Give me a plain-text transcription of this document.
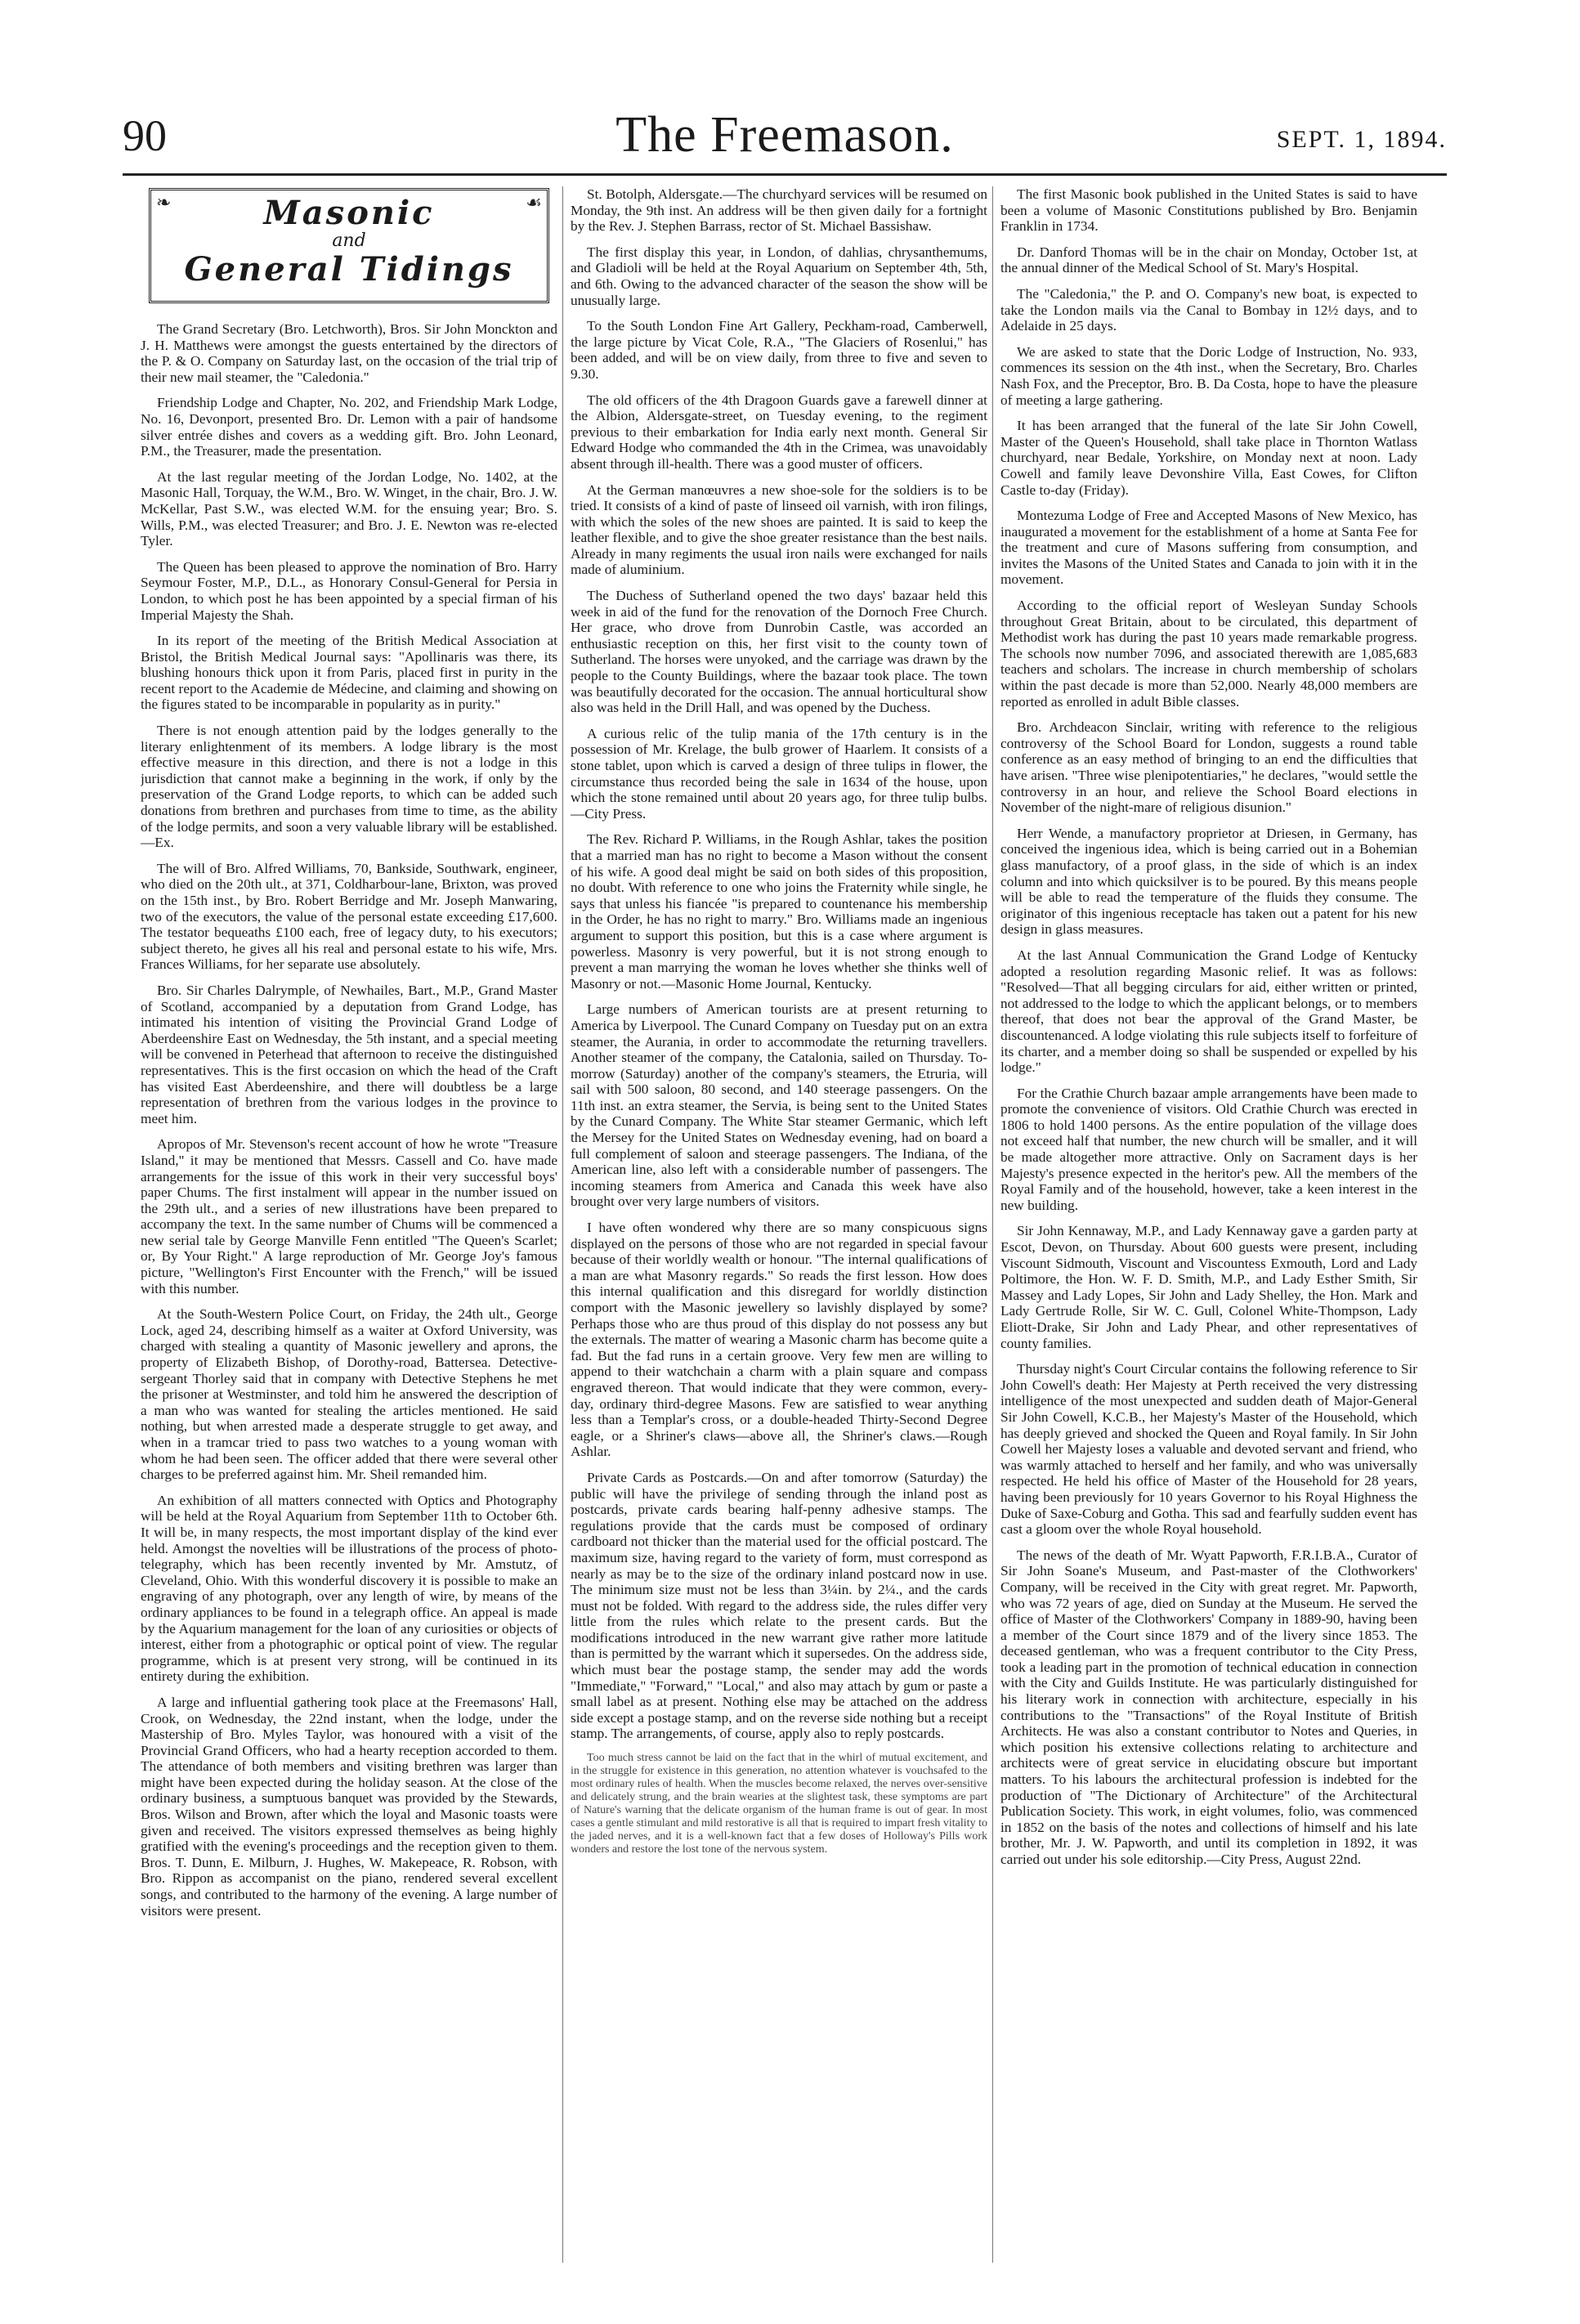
90	The Freemason.	SEPT. 1, 1894.
❧	☙
Masonic
and
General Tidings

The Grand Secretary (Bro. Letchworth), Bros. Sir John Monckton and J. H. Matthews were amongst the guests entertained by the directors of the P. & O. Company on Saturday last, on the occasion of the trial trip of their new mail steamer, the "Caledonia."

Friendship Lodge and Chapter, No. 202, and Friendship Mark Lodge, No. 16, Devonport, presented Bro. Dr. Lemon with a pair of handsome silver entrée dishes and covers as a wedding gift. Bro. John Leonard, P.M., the Treasurer, made the presentation.

At the last regular meeting of the Jordan Lodge, No. 1402, at the Masonic Hall, Torquay, the W.M., Bro. W. Winget, in the chair, Bro. J. W. McKellar, Past S.W., was elected W.M. for the ensuing year; Bro. S. Wills, P.M., was elected Treasurer; and Bro. J. E. Newton was re-elected Tyler.

The Queen has been pleased to approve the nomination of Bro. Harry Seymour Foster, M.P., D.L., as Honorary Consul-General for Persia in London, to which post he has been appointed by a special firman of his Imperial Majesty the Shah.

In its report of the meeting of the British Medical Association at Bristol, the British Medical Journal says: "Apollinaris was there, its blushing honours thick upon it from Paris, placed first in purity in the recent report to the Academie de Médecine, and claiming and showing on the figures stated to be incomparable in popularity as in purity."

There is not enough attention paid by the lodges generally to the literary enlightenment of its members. A lodge library is the most effective measure in this direction, and there is not a lodge in this jurisdiction that cannot make a beginning in the work, if only by the preservation of the Grand Lodge reports, to which can be added such donations from brethren and purchases from time to time, as the ability of the lodge permits, and soon a very valuable library will be established.—Ex.

The will of Bro. Alfred Williams, 70, Bankside, Southwark, engineer, who died on the 20th ult., at 371, Coldharbour-lane, Brixton, was proved on the 15th inst., by Bro. Robert Berridge and Mr. Joseph Manwaring, two of the executors, the value of the personal estate exceeding £17,600. The testator bequeaths £100 each, free of legacy duty, to his executors; subject thereto, he gives all his real and personal estate to his wife, Mrs. Frances Williams, for her separate use absolutely.

Bro. Sir Charles Dalrymple, of Newhailes, Bart., M.P., Grand Master of Scotland, accompanied by a deputation from Grand Lodge, has intimated his intention of visiting the Provincial Grand Lodge of Aberdeenshire East on Wednesday, the 5th instant, and a special meeting will be convened in Peterhead that afternoon to receive the distinguished representatives. This is the first occasion on which the head of the Craft has visited East Aberdeenshire, and there will doubtless be a large representation of brethren from the various lodges in the province to meet him.

Apropos of Mr. Stevenson's recent account of how he wrote "Treasure Island," it may be mentioned that Messrs. Cassell and Co. have made arrangements for the issue of this work in their very successful boys' paper Chums. The first instalment will appear in the number issued on the 29th ult., and a series of new illustrations have been prepared to accompany the text. In the same number of Chums will be commenced a new serial tale by George Manville Fenn entitled "The Queen's Scarlet; or, By Your Right." A large reproduction of Mr. George Joy's famous picture, "Wellington's First Encounter with the French," will be issued with this number.

At the South-Western Police Court, on Friday, the 24th ult., George Lock, aged 24, describing himself as a waiter at Oxford University, was charged with stealing a quantity of Masonic jewellery and aprons, the property of Elizabeth Bishop, of Dorothy-road, Battersea. Detective-sergeant Thorley said that in company with Detective Stephens he met the prisoner at Westminster, and told him he answered the description of a man who was wanted for stealing the articles mentioned. He said nothing, but when arrested made a desperate struggle to get away, and when in a tramcar tried to pass two watches to a young woman with whom he had been seen. The officer added that there were several other charges to be preferred against him. Mr. Sheil remanded him.

An exhibition of all matters connected with Optics and Photography will be held at the Royal Aquarium from September 11th to October 6th. It will be, in many respects, the most important display of the kind ever held. Amongst the novelties will be illustrations of the process of photo-telegraphy, which has been recently invented by Mr. Amstutz, of Cleveland, Ohio. With this wonderful discovery it is possible to make an engraving of any photograph, over any length of wire, by means of the ordinary appliances to be found in a telegraph office. An appeal is made by the Aquarium management for the loan of any curiosities or objects of interest, either from a photographic or optical point of view. The regular programme, which is at present very strong, will be continued in its entirety during the exhibition.

A large and influential gathering took place at the Freemasons' Hall, Crook, on Wednesday, the 22nd instant, when the lodge, under the Mastership of Bro. Myles Taylor, was honoured with a visit of the Provincial Grand Officers, who had a hearty reception accorded to them. The attendance of both members and visiting brethren was larger than might have been expected during the holiday season. At the close of the ordinary business, a sumptuous banquet was provided by the Stewards, Bros. Wilson and Brown, after which the loyal and Masonic toasts were given and received. The visitors expressed themselves as being highly gratified with the evening's proceedings and the reception given to them. Bros. T. Dunn, E. Milburn, J. Hughes, W. Makepeace, R. Robson, with Bro. Rippon as accompanist on the piano, rendered several excellent songs, and contributed to the harmony of the evening. A large number of visitors were present.

St. Botolph, Aldersgate.—The churchyard services will be resumed on Monday, the 9th inst. An address will be then given daily for a fortnight by the Rev. J. Stephen Barrass, rector of St. Michael Bassishaw.

The first display this year, in London, of dahlias, chrysanthemums, and Gladioli will be held at the Royal Aquarium on September 4th, 5th, and 6th. Owing to the advanced character of the season the show will be unusually large.

To the South London Fine Art Gallery, Peckham-road, Camberwell, the large picture by Vicat Cole, R.A., "The Glaciers of Rosenlui," has been added, and will be on view daily, from three to five and seven to 9.30.

The old officers of the 4th Dragoon Guards gave a farewell dinner at the Albion, Aldersgate-street, on Tuesday evening, to the regiment previous to their embarkation for India early next month. General Sir Edward Hodge who commanded the 4th in the Crimea, was unavoidably absent through ill-health. There was a good muster of officers.

At the German manœuvres a new shoe-sole for the soldiers is to be tried. It consists of a kind of paste of linseed oil varnish, with iron filings, with which the soles of the new shoes are painted. It is said to keep the leather flexible, and to give the shoe greater resistance than the best nails. Already in many regiments the usual iron nails were exchanged for nails made of aluminium.

The Duchess of Sutherland opened the two days' bazaar held this week in aid of the fund for the renovation of the Dornoch Free Church. Her grace, who drove from Dunrobin Castle, was accorded an enthusiastic reception on this, her first visit to the county town of Sutherland. The horses were unyoked, and the carriage was drawn by the people to the County Buildings, where the bazaar took place. The town was beautifully decorated for the occasion. The annual horticultural show also was held in the Drill Hall, and was opened by the Duchess.

A curious relic of the tulip mania of the 17th century is in the possession of Mr. Krelage, the bulb grower of Haarlem. It consists of a stone tablet, upon which is carved a design of three tulips in flower, the circumstance thus recorded being the sale in 1634 of the house, upon which the stone remained until about 20 years ago, for three tulip bulbs.—City Press.

The Rev. Richard P. Williams, in the Rough Ashlar, takes the position that a married man has no right to become a Mason without the consent of his wife. A good deal might be said on both sides of this proposition, no doubt. With reference to one who joins the Fraternity while single, he says that unless his fiancée "is prepared to countenance his membership in the Order, he has no right to marry." Bro. Williams made an ingenious argument to support this position, but this is a case where argument is powerless. Masonry is very powerful, but it is not strong enough to prevent a man marrying the woman he loves whether she thinks well of Masonry or not.—Masonic Home Journal, Kentucky.

Large numbers of American tourists are at present returning to America by Liverpool. The Cunard Company on Tuesday put on an extra steamer, the Aurania, in order to accommodate the returning travellers. Another steamer of the company, the Catalonia, sailed on Thursday. To-morrow (Saturday) another of the company's steamers, the Etruria, will sail with 500 saloon, 80 second, and 140 steerage passengers. On the 11th inst. an extra steamer, the Servia, is being sent to the United States by the Cunard Company. The White Star steamer Germanic, which left the Mersey for the United States on Wednesday evening, had on board a full complement of saloon and steerage passengers. The Indiana, of the American line, also left with a considerable number of passengers. The incoming steamers from America and Canada this week have also brought over very large numbers of visitors.

I have often wondered why there are so many conspicuous signs displayed on the persons of those who are not regarded in special favour because of their worldly wealth or honour. "The internal qualifications of a man are what Masonry regards." So reads the first lesson. How does this internal qualification and this disregard for worldly distinction comport with the Masonic jewellery so lavishly displayed by some? Perhaps those who are thus proud of this display do not possess any but the externals. The matter of wearing a Masonic charm has become quite a fad. But the fad runs in a certain groove. Very few men are willing to append to their watchchain a charm with a plain square and compass engraved thereon. That would indicate that they were common, every-day, ordinary third-degree Masons. Few are satisfied to wear anything less than a Templar's cross, or a double-headed Thirty-Second Degree eagle, or a Shriner's claws—above all, the Shriner's claws.—Rough Ashlar.

Private Cards as Postcards.—On and after tomorrow (Saturday) the public will have the privilege of sending through the inland post as postcards, private cards bearing half-penny adhesive stamps. The regulations provide that the cards must be composed of ordinary cardboard not thicker than the material used for the official postcard. The maximum size, having regard to the variety of form, must correspond as nearly as may be to the size of the ordinary inland postcard now in use. The minimum size must not be less than 3¼in. by 2¼., and the cards must not be folded. With regard to the address side, the rules differ very little from the rules which relate to the present cards. But the modifications introduced in the new warrant give rather more latitude than is permitted by the warrant which it supersedes. On the address side, which must bear the postage stamp, the sender may add the words "Immediate," "Forward," "Local," and also may attach by gum or paste a small label as at present. Nothing else may be attached on the address side except a postage stamp, and on the reverse side nothing but a receipt stamp. The arrangements, of course, apply also to reply postcards.

Too much stress cannot be laid on the fact that in the whirl of mutual excitement, and in the struggle for existence in this generation, no attention whatever is vouchsafed to the most ordinary rules of health. When the muscles become relaxed, the nerves over-sensitive and delicately strung, and the brain wearies at the slightest task, these symptoms are part of Nature's warning that the delicate organism of the human frame is out of gear. In most cases a gentle stimulant and mild restorative is all that is required to impart fresh vitality to the jaded nerves, and it is a well-known fact that a few doses of Holloway's Pills work wonders and restore the lost tone of the nervous system.

The first Masonic book published in the United States is said to have been a volume of Masonic Constitutions published by Bro. Benjamin Franklin in 1734.

Dr. Danford Thomas will be in the chair on Monday, October 1st, at the annual dinner of the Medical School of St. Mary's Hospital.

The "Caledonia," the P. and O. Company's new boat, is expected to take the London mails via the Canal to Bombay in 12½ days, and to Adelaide in 25 days.

We are asked to state that the Doric Lodge of Instruction, No. 933, commences its session on the 4th inst., when the Secretary, Bro. Charles Nash Fox, and the Preceptor, Bro. B. Da Costa, hope to have the pleasure of meeting a large gathering.

It has been arranged that the funeral of the late Sir John Cowell, Master of the Queen's Household, shall take place in Thornton Watlass churchyard, near Bedale, Yorkshire, on Monday next at noon. Lady Cowell and family leave Devonshire Villa, East Cowes, for Clifton Castle to-day (Friday).

Montezuma Lodge of Free and Accepted Masons of New Mexico, has inaugurated a movement for the establishment of a home at Santa Fee for the treatment and cure of Masons suffering from consumption, and invites the Masons of the United States and Canada to join with it in the movement.

According to the official report of Wesleyan Sunday Schools throughout Great Britain, about to be circulated, this department of Methodist work has during the past 10 years made remarkable progress. The schools now number 7096, and associated therewith are 1,085,683 teachers and scholars. The increase in church membership of scholars within the past decade is more than 52,000. Nearly 48,000 members are reported as enrolled in adult Bible classes.

Bro. Archdeacon Sinclair, writing with reference to the religious controversy of the School Board for London, suggests a round table conference as an easy method of bringing to an end the difficulties that have arisen. "Three wise plenipotentiaries," he declares, "would settle the controversy in an hour, and relieve the School Board elections in November of the night-mare of religious disunion."

Herr Wende, a manufactory proprietor at Driesen, in Germany, has conceived the ingenious idea, which is being carried out in a Bohemian glass manufactory, of a proof glass, in the side of which is an index column and into which quicksilver is to be poured. By this means people will be able to read the temperature of the fluids they consume. The originator of this ingenious receptacle has taken out a patent for his new design in glass measures.

At the last Annual Communication the Grand Lodge of Kentucky adopted a resolution regarding Masonic relief. It was as follows: "Resolved—That all begging circulars for aid, either written or printed, not addressed to the lodge to which the applicant belongs, or to members thereof, that does not bear the approval of the Grand Master, be discountenanced. A lodge violating this rule subjects itself to forfeiture of its charter, and a member doing so shall be suspended or expelled by his lodge."

For the Crathie Church bazaar ample arrangements have been made to promote the convenience of visitors. Old Crathie Church was erected in 1806 to hold 1400 persons. As the entire population of the village does not exceed half that number, the new church will be smaller, and it will be made altogether more attractive. Only on Sacrament days is her Majesty's presence expected in the heritor's pew. All the members of the Royal Family and of the household, however, take a keen interest in the new building.

Sir John Kennaway, M.P., and Lady Kennaway gave a garden party at Escot, Devon, on Thursday. About 600 guests were present, including Viscount Sidmouth, Viscount and Viscountess Exmouth, Lord and Lady Poltimore, the Hon. W. F. D. Smith, M.P., and Lady Esther Smith, Sir Massey and Lady Lopes, Sir John and Lady Shelley, the Hon. Mark and Lady Gertrude Rolle, Sir W. C. Gull, Colonel White-Thompson, Lady Eliott-Drake, Sir John and Lady Phear, and other representatives of county families.

Thursday night's Court Circular contains the following reference to Sir John Cowell's death: Her Majesty at Perth received the very distressing intelligence of the most unexpected and sudden death of Major-General Sir John Cowell, K.C.B., her Majesty's Master of the Household, which has deeply grieved and shocked the Queen and Royal family. In Sir John Cowell her Majesty loses a valuable and devoted servant and friend, who was warmly attached to herself and her family, and who was universally respected. He held his office of Master of the Household for 28 years, having been previously for 10 years Governor to his Royal Highness the Duke of Saxe-Coburg and Gotha. This sad and fearfully sudden event has cast a gloom over the whole Royal household.

The news of the death of Mr. Wyatt Papworth, F.R.I.B.A., Curator of Sir John Soane's Museum, and Past-master of the Clothworkers' Company, will be received in the City with great regret. Mr. Papworth, who was 72 years of age, died on Sunday at the Museum. He served the office of Master of the Clothworkers' Company in 1889-90, having been a member of the Court since 1879 and of the livery since 1853. The deceased gentleman, who was a frequent contributor to the City Press, took a leading part in the promotion of technical education in connection with the City and Guilds Institute. He was particularly distinguished for his literary work in connection with architecture, especially in his contributions to the "Transactions" of the Royal Institute of British Architects. He was also a constant contributor to Notes and Queries, in which position his extensive collections relating to architecture and architects were of great service in elucidating obscure but important matters. To his labours the architectural profession is indebted for the production of "The Dictionary of Architecture" of the Architectural Publication Society. This work, in eight volumes, folio, was commenced in 1852 on the basis of the notes and collections of himself and his late brother, Mr. J. W. Papworth, and until its completion in 1892, it was carried out under his sole editorship.—City Press, August 22nd.
